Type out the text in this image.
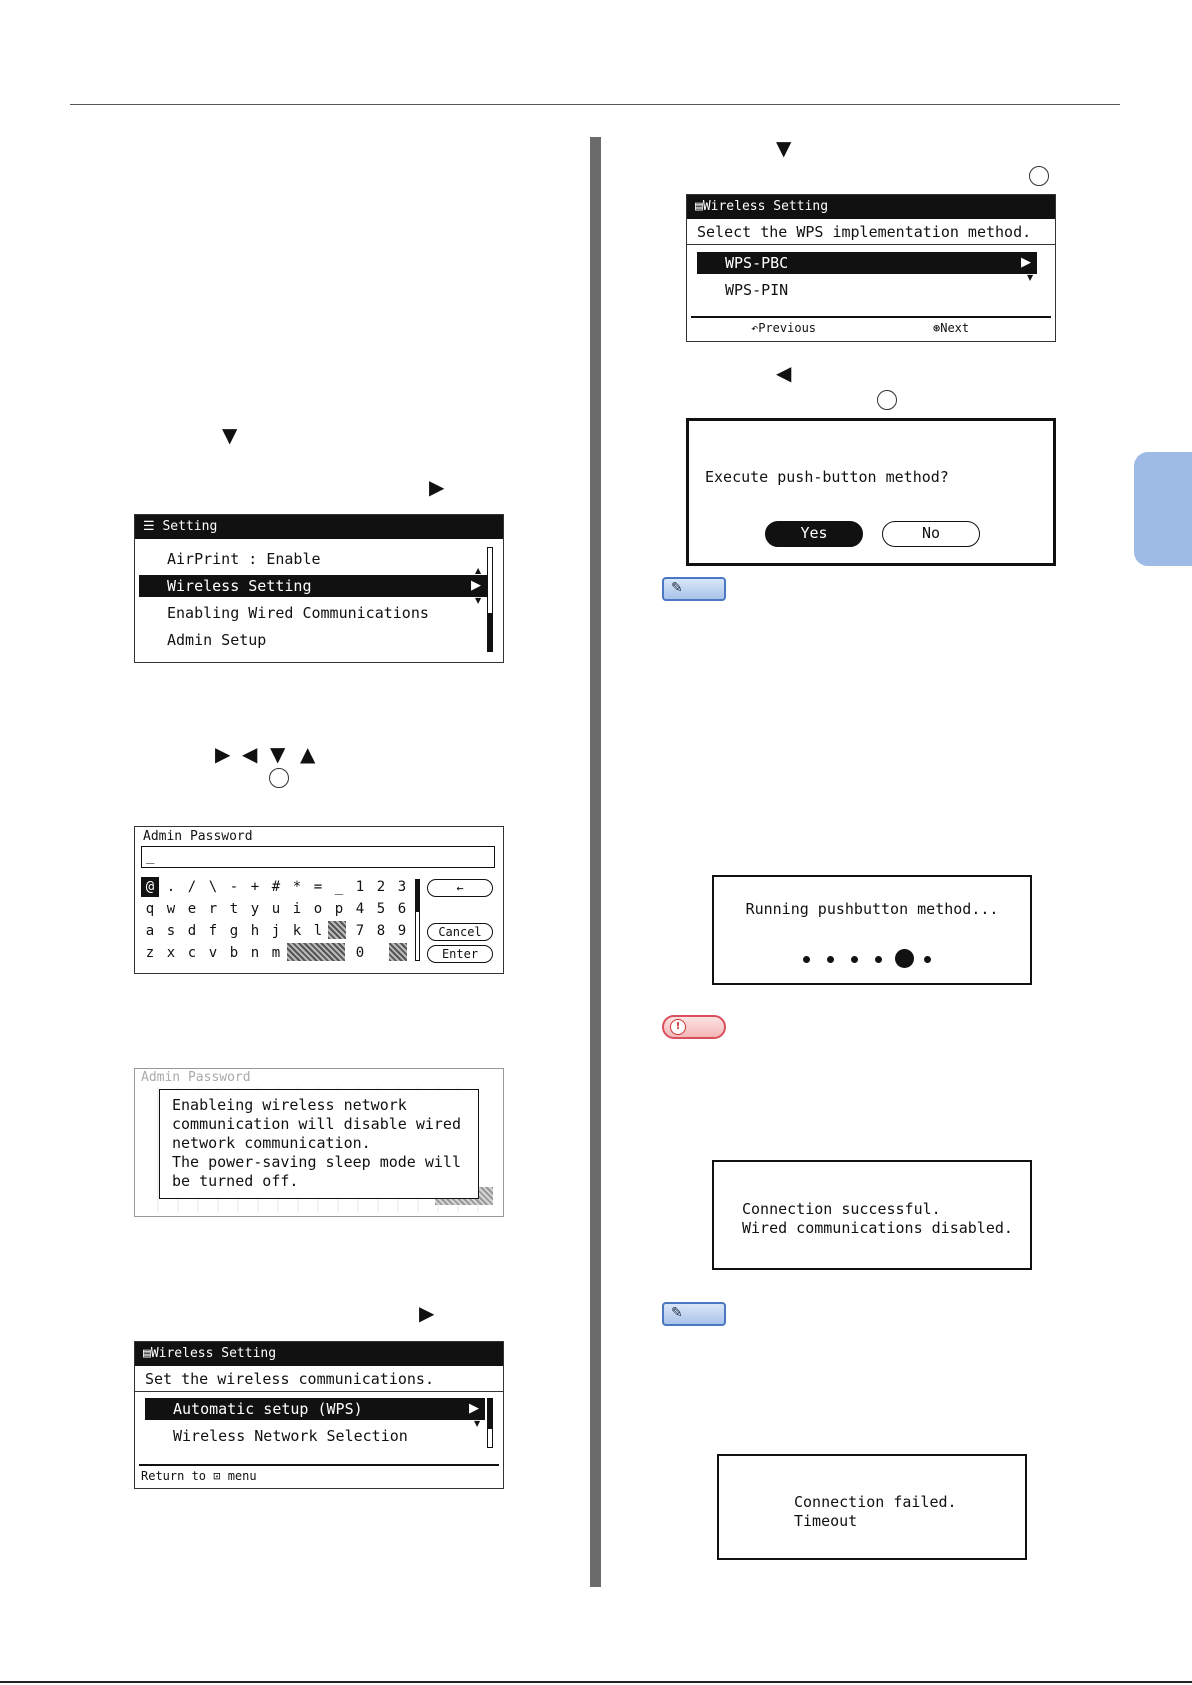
▼
▶
☰ Setting
AirPrint : Enable
Wireless Setting	▶
Enabling Wired Communications
Admin Setup
▲
▼
▶ ◀ ▼ ▲
Admin Password
_
@ . / \ - + # * = _ 1 2 3
q w e r t y u i o p 4 5 6
a s d f g h j k l	7 8 9
z x c v b n m	0
←
Cancel
Enter
Admin Password
Enableing wireless network
communication will disable wired
network communication.
The power-saving sleep mode will
be turned off.
▶
▤Wireless Setting
Set the wireless communications.
Automatic setup (WPS)	▶
Wireless Network Selection
▼
Return to ⊡ menu
▼
▤Wireless Setting
Select the WPS implementation method.
WPS-PBC	▶
WPS-PIN
▼
↶Previous	⊛Next
◀
Execute push-button method?
Yes	No
✎
Running pushbutton method...
!
Connection successful.
Wired communications disabled.
✎
Connection failed.
Timeout
